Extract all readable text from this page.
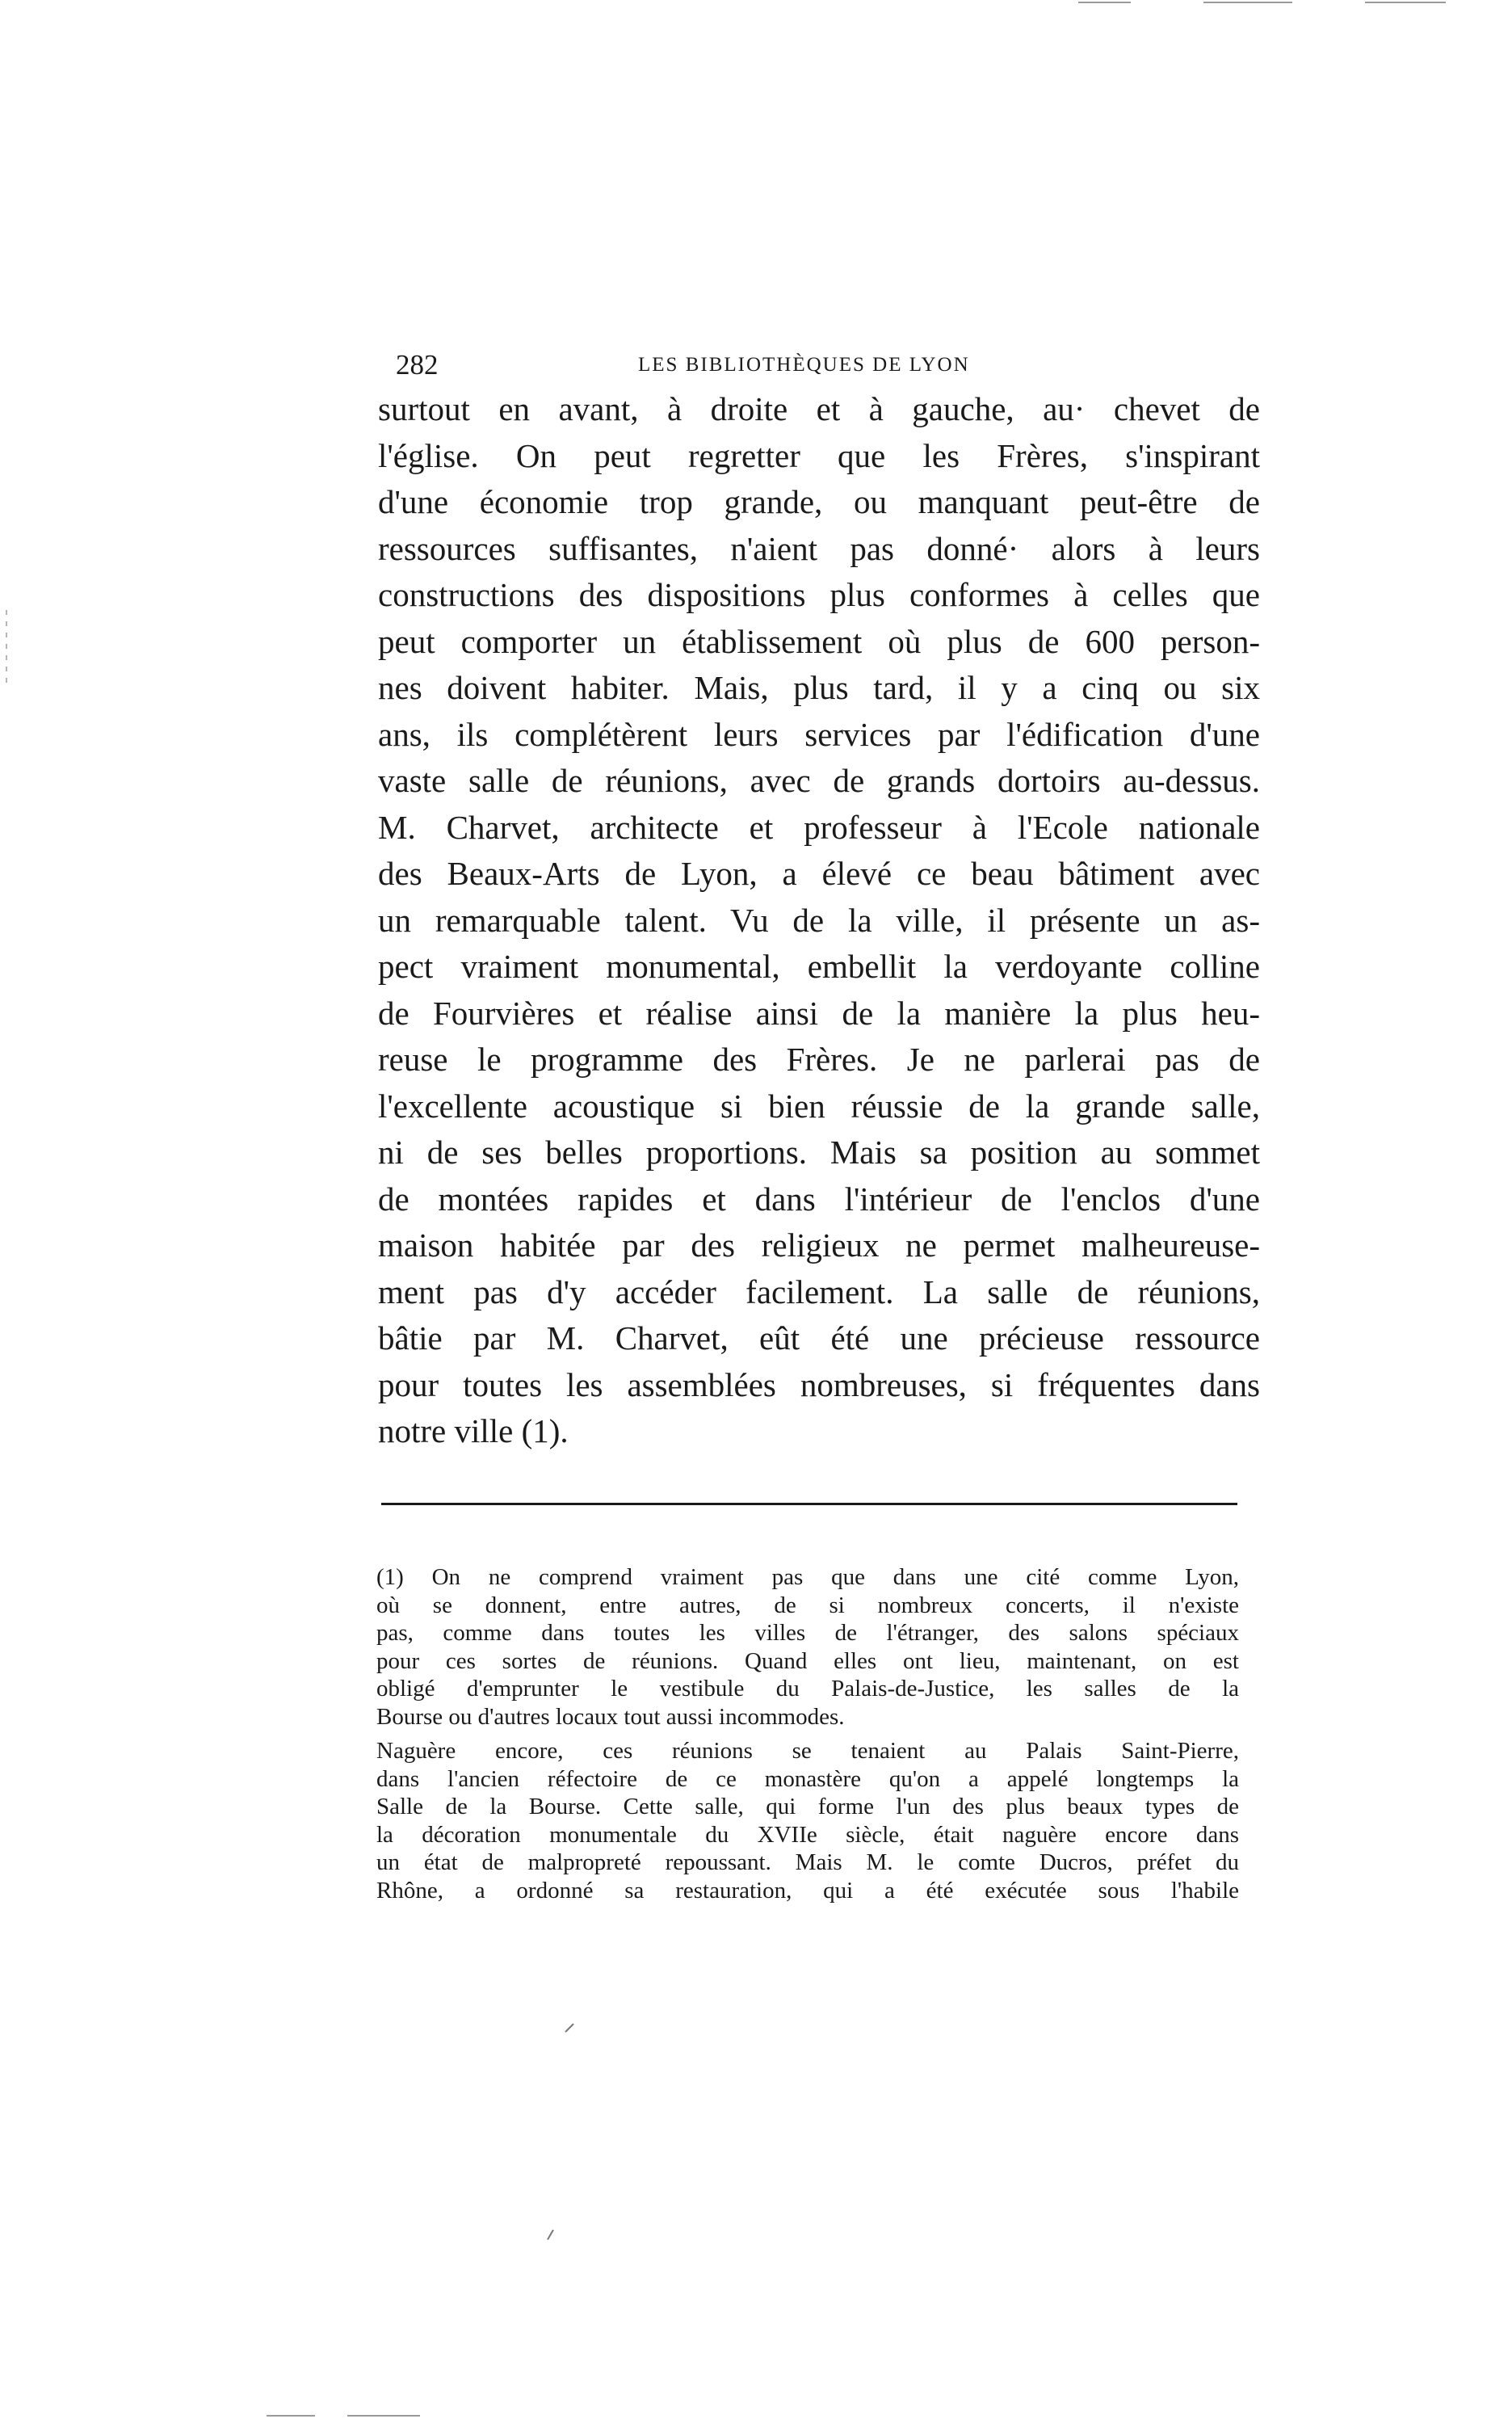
282	LES BIBLIOTHÈQUES DE LYON
surtout en avant, à droite et à gauche, au· chevet de
l'église. On peut regretter que les Frères, s'inspirant
d'une économie trop grande, ou manquant peut-être de
ressources suffisantes, n'aient pas donné· alors à leurs
constructions des dispositions plus conformes à celles que
peut comporter un établissement où plus de 600 person-
nes doivent habiter. Mais, plus tard, il y a cinq ou six
ans, ils complétèrent leurs services par l'édification d'une
vaste salle de réunions, avec de grands dortoirs au-dessus.
M. Charvet, architecte et professeur à l'Ecole nationale
des Beaux-Arts de Lyon, a élevé ce beau bâtiment avec
un remarquable talent. Vu de la ville, il présente un as-
pect vraiment monumental, embellit la verdoyante colline
de Fourvières et réalise ainsi de la manière la plus heu-
reuse le programme des Frères. Je ne parlerai pas de
l'excellente acoustique si bien réussie de la grande salle,
ni de ses belles proportions. Mais sa position au sommet
de montées rapides et dans l'intérieur de l'enclos d'une
maison habitée par des religieux ne permet malheureuse-
ment pas d'y accéder facilement. La salle de réunions,
bâtie par M. Charvet, eût été une précieuse ressource
pour toutes les assemblées nombreuses, si fréquentes dans
notre ville (1).
(1) On ne comprend vraiment pas que dans une cité comme Lyon,
où se donnent, entre autres, de si nombreux concerts, il n'existe
pas, comme dans toutes les villes de l'étranger, des salons spéciaux
pour ces sortes de réunions. Quand elles ont lieu, maintenant, on est
obligé d'emprunter le vestibule du Palais-de-Justice, les salles de la
Bourse ou d'autres locaux tout aussi incommodes.
Naguère encore, ces réunions se tenaient au Palais Saint-Pierre,
dans l'ancien réfectoire de ce monastère qu'on a appelé longtemps la
Salle de la Bourse. Cette salle, qui forme l'un des plus beaux types de
la décoration monumentale du XVIIe siècle, était naguère encore dans
un état de malpropreté repoussant. Mais M. le comte Ducros, préfet du
Rhône, a ordonné sa restauration, qui a été exécutée sous l'habile
